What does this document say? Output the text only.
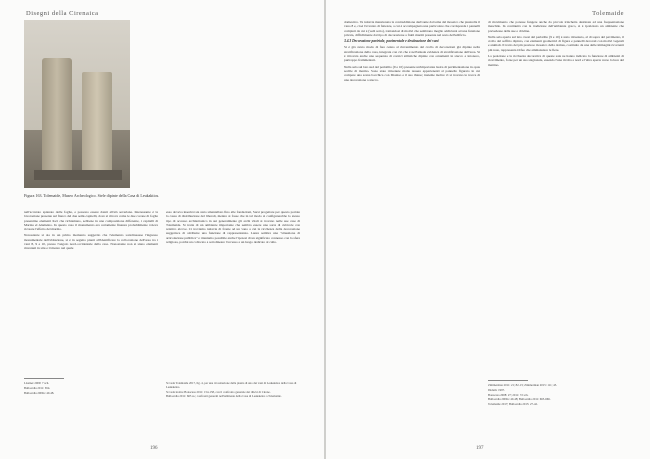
Disegni della Cirenaica
Figura 163. Tolemaide, Museo Archeologico. Stele dipinte della Casa di Leukaktios.

nell'accurato spianato delle foglie, e possono essere datati all'età severiana. Interessante è la lavorazione presente sul fianco del due semi-capitelli, dove si ritrova come le due corone di foglie presentino elementi lisci che richiamano, sebbene in una composizione differente, i capitelli di Marina el Alameino. In questo caso il monumento era certamente finanza probabilmente voleva ricreare l'effetto del marmo.

Nonostante si sia in un primo momento suggerito che l'elemento sottolineasse l'ingresso monumentale dell'abitazione, si è in seguito piantì all'identificare la collocazione dell'area tra i vani 8, 9 e 10, presso l'angolo nord-occidentale della casa. Nonostante non si siano elementi rinvenuti in situ e il mezzo nel quale

esso doveva inserirsi sia stato smantellato fino alle fondazioni, Sarsi progettare per questo portale la cassa di distribuzione del liberali, mentre si fosse che in tal modo si configurerebbe lo stesso tipo di accesso architettonico in sui generalmente gli archi vitali si trovano nelle sue case di Tolemaide. Si tratta di un ambiente importante che sembra essere una sorta di cubicole con relativo alcove. Ci troviamo tuttavia di fronte ad un vano a cui la ricchezza della decorazione suggerisce di attribuire una funzione di rappresentanza. Lanza sembra una "situazione di articolazione pubblica" e riteniamo possibile anche l'ipotesi di un significato connesso con la sfera religiosa, poiché un collocato a sottolineare l'accesso a un luogo dedicato al culto.

Lissiner 2009: 7 sch.

Bulloardia 2011: 654.

Bulloardia 2009a: 40-48.

Si veda Tolemaide 2017, fig. 4, per una ricostruzione della pianta di uno dei vani di Leukaktios della Casa di Leukaktios.

Si veda inoltre Bonacasa 2011: 154-158, con il confronto generale dei rilievi di Cirene.

Bulloardia 2011: 665 ss.; confronti generali nell'ambiente della Casa di Leukaktios a Tolemaide.

196
Tolemaide

domestico. Va tuttavia menzionata la contraddizione derivante dal tema del mosaico che piastrella il vano 8 e, cioè l'avvento di fattezze, a cui è accompagnata una particolare che corrisponde i pannelli completi da cui è (vedi sotto), trattandosi di motivi che sembrano meglio addiciarsi ad una funzione privata, difficilmente dal tipo di decorazione a frutti marmi presente nel resto dell'edificio.

3.4.3 Decorazione parietale, pavimentale e destinazione dei vani

Si è già avuto modo di fare cenno al rinvenimento del crollo di decorazioni già dipinte nella stratificazione della casa, integrata con ciò che è nell'attuale evidenza di stratificazione dell'area. Si è ritrovata anche una sequenza di cornici stilistiche dipinte con ornamenti in stucco e intonaco, purtroppo frammentari.

Nella sala sul lato sud del peristilio (9 e 10) presente un'importante lastra di pavimentazione in opus sectile di marmo. Sono state rinvenute molte tessere appartenenti al pannello figurato in cui compare una scena bacchica con Dioniso e il suo thiaso; insieme inoltre vi si trovano le tracce di una decorazione a stucco.

di movimento che potesse fungere anche da piccola trinchetta destinata ad una frequentazione maschile. In continuità con la tradizione dell'ambiente greco, si è ipotizzato un ambiente che prevedesse delle sue e di kline.

Nella sala aperta sul lato ovest del peristilio (9 e 10) è stato rinvenuto, al di sopra del pavimento, il crollo del soffitto dipinto, con elementi geometrici di figura e pannelli decorati con motivi vegetali e animali. Il tratto del più prezioso mosaico della domus, costituito da una delle immagini ricorrenti più note, rappresenta Orfeo che ammansisce le fiere.

La posizione e la ricchezza decorativa di queste sale ne hanno indicato la funzione di ambienti di ricevimento, forse per un uso stagionale, essendo l'una rivolta a nord e l'altra aperta verso la luce del mattino.

Zimmerman 2011: 21; 82-13; Zimmerman 2015: 111; 45.

Ibidem: 1997.

Bonacasa 2008: 27; 2011: 72 sch.

Bulloardia 2009a: 40-48; Bulloardia 2011: 665-666.

Tolemaide 2017; Bulloardia 2015: 27-42.

197
